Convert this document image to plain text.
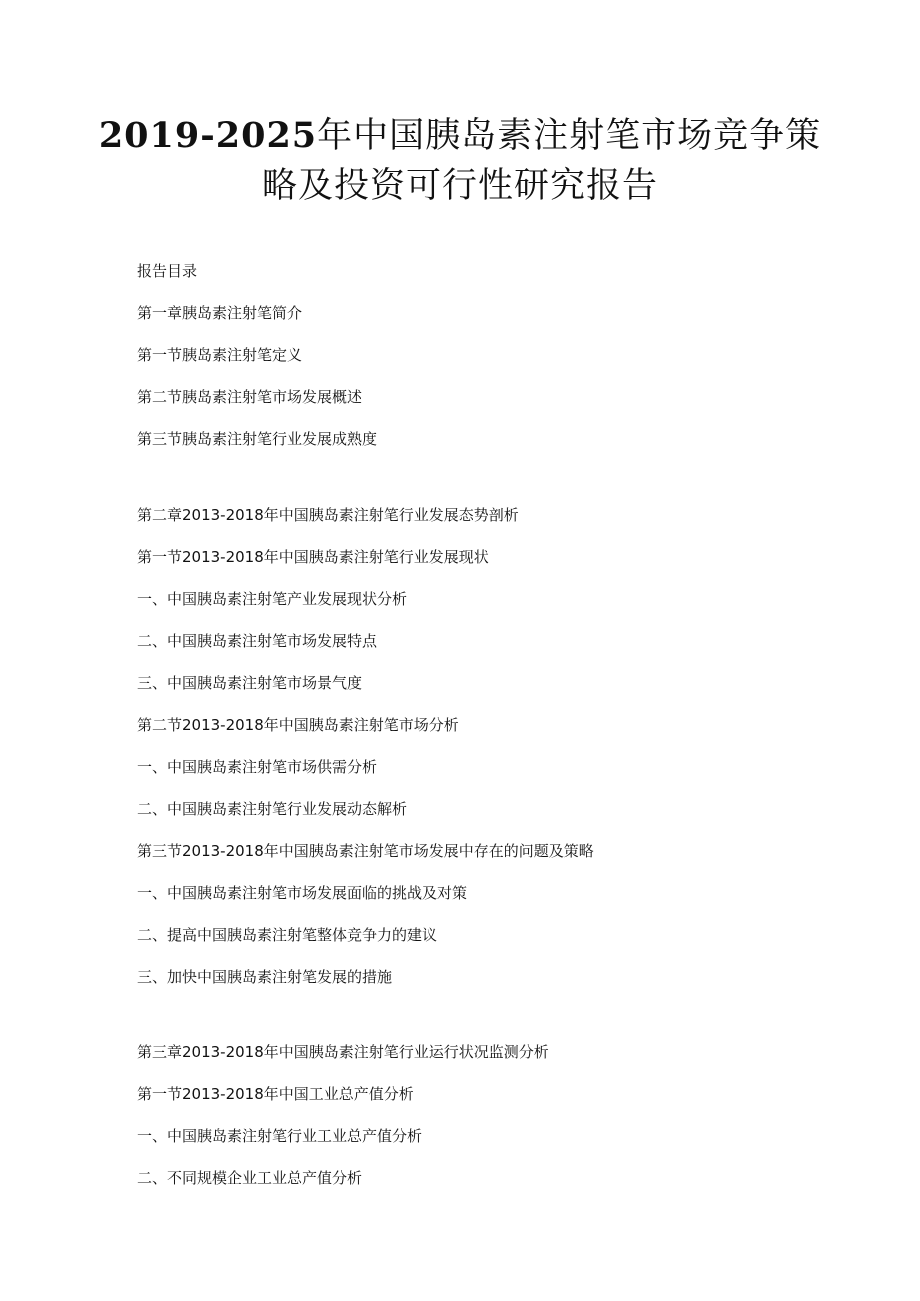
2019-2025年中国胰岛素注射笔市场竞争策
略及投资可行性研究报告
报告目录
第一章胰岛素注射笔简介
第一节胰岛素注射笔定义
第二节胰岛素注射笔市场发展概述
第三节胰岛素注射笔行业发展成熟度
第二章2013-2018年中国胰岛素注射笔行业发展态势剖析
第一节2013-2018年中国胰岛素注射笔行业发展现状
一、中国胰岛素注射笔产业发展现状分析
二、中国胰岛素注射笔市场发展特点
三、中国胰岛素注射笔市场景气度
第二节2013-2018年中国胰岛素注射笔市场分析
一、中国胰岛素注射笔市场供需分析
二、中国胰岛素注射笔行业发展动态解析
第三节2013-2018年中国胰岛素注射笔市场发展中存在的问题及策略
一、中国胰岛素注射笔市场发展面临的挑战及对策
二、提高中国胰岛素注射笔整体竞争力的建议
三、加快中国胰岛素注射笔发展的措施
第三章2013-2018年中国胰岛素注射笔行业运行状况监测分析
第一节2013-2018年中国工业总产值分析
一、中国胰岛素注射笔行业工业总产值分析
二、不同规模企业工业总产值分析
